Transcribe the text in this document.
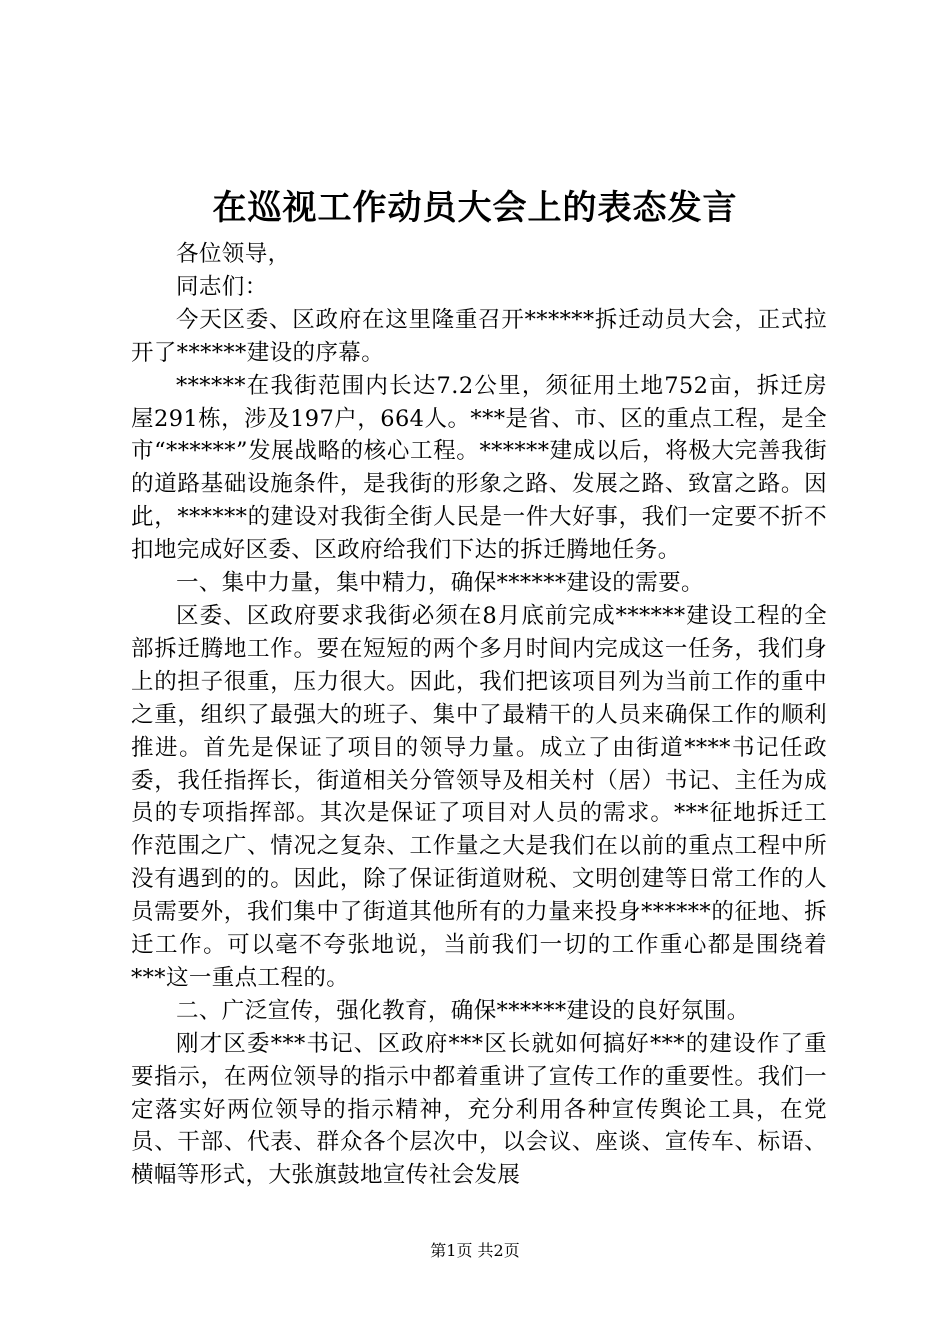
在巡视工作动员大会上的表态发言

各位领导，

同志们：

今天区委、区政府在这里隆重召开******拆迁动员大会，正式拉开了******建设的序幕。

******在我街范围内长达7.2公里，须征用土地752亩，拆迁房屋291栋，涉及197户，664人。***是省、市、区的重点工程，是全市“******”发展战略的核心工程。******建成以后，将极大完善我街的道路基础设施条件，是我街的形象之路、发展之路、致富之路。因此，******的建设对我街全街人民是一件大好事，我们一定要不折不扣地完成好区委、区政府给我们下达的拆迁腾地任务。

一、集中力量，集中精力，确保******建设的需要。

区委、区政府要求我街必须在8月底前完成******建设工程的全部拆迁腾地工作。要在短短的两个多月时间内完成这一任务，我们身上的担子很重，压力很大。因此，我们把该项目列为当前工作的重中之重，组织了最强大的班子、集中了最精干的人员来确保工作的顺利推进。首先是保证了项目的领导力量。成立了由街道****书记任政委，我任指挥长，街道相关分管领导及相关村（居）书记、主任为成员的专项指挥部。其次是保证了项目对人员的需求。***征地拆迁工作范围之广、情况之复杂、工作量之大是我们在以前的重点工程中所没有遇到的的。因此，除了保证街道财税、文明创建等日常工作的人员需要外，我们集中了街道其他所有的力量来投身******的征地、拆迁工作。可以毫不夸张地说，当前我们一切的工作重心都是围绕着***这一重点工程的。

二、广泛宣传，强化教育，确保******建设的良好氛围。

刚才区委***书记、区政府***区长就如何搞好***的建设作了重要指示，在两位领导的指示中都着重讲了宣传工作的重要性。我们一定落实好两位领导的指示精神，充分利用各种宣传舆论工具，在党员、干部、代表、群众各个层次中，以会议、座谈、宣传车、标语、横幅等形式，大张旗鼓地宣传社会发展

第1页 共2页
